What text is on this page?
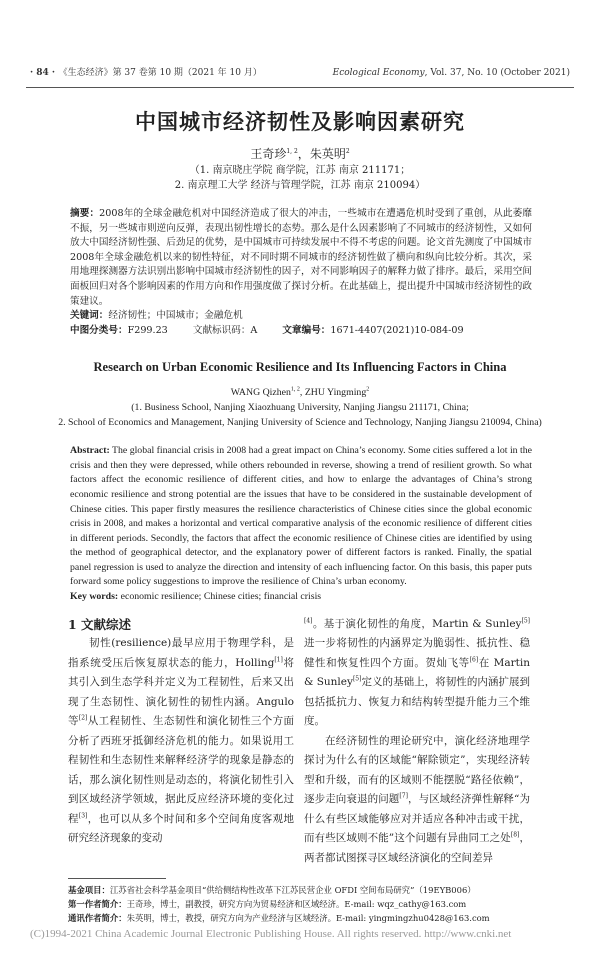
· 84 · 《生态经济》第 37 卷第 10 期（2021 年 10 月）	Ecological Economy, Vol. 37, No. 10 (October 2021)
中国城市经济韧性及影响因素研究
王奇珍$^{1, 2}$，朱英明$^2$
（1. 南京晓庄学院 商学院，江苏 南京 211171；
2. 南京理工大学 经济与管理学院，江苏 南京 210094）
摘要：2008年的全球金融危机对中国经济造成了很大的冲击，一些城市在遭遇危机时受到了重创，从此萎靡不振，另一些城市则逆向反弹，表现出韧性增长的态势。那么是什么因素影响了不同城市的经济韧性，又如何放大中国经济韧性强、后劲足的优势，是中国城市可持续发展中不得不考虑的问题。论文首先测度了中国城市2008年全球金融危机以来的韧性特征，对不同时期不同城市的经济韧性做了横向和纵向比较分析。其次，采用地理探测器方法识别出影响中国城市经济韧性的因子，对不同影响因子的解释力做了排序。最后，采用空间面板回归对各个影响因素的作用方向和作用强度做了探讨分析。在此基础上，提出提升中国城市经济韧性的政策建议。
关键词：经济韧性；中国城市；金融危机
中图分类号：F299.23	文献标识码：A	文章编号：1671-4407(2021)10-084-09
Research on Urban Economic Resilience and Its Influencing Factors in China
WANG Qizhen$^{1, 2}$, ZHU Yingming$^2$
(1. Business School, Nanjing Xiaozhuang University, Nanjing Jiangsu 211171, China;
2. School of Economics and Management, Nanjing University of Science and Technology, Nanjing Jiangsu 210094, China)
Abstract: The global financial crisis in 2008 had a great impact on China’s economy. Some cities suffered a lot in the crisis and then they were depressed, while others rebounded in reverse, showing a trend of resilient growth. So what factors affect the economic resilience of different cities, and how to enlarge the advantages of China’s strong economic resilience and strong potential are the issues that have to be considered in the sustainable development of Chinese cities. This paper firstly measures the resilience characteristics of Chinese cities since the global economic crisis in 2008, and makes a horizontal and vertical comparative analysis of the economic resilience of different cities in different periods. Secondly, the factors that affect the economic resilience of Chinese cities are identified by using the method of geographical detector, and the explanatory power of different factors is ranked. Finally, the spatial panel regression is used to analyze the direction and intensity of each influencing factor. On this basis, this paper puts forward some policy suggestions to improve the resilience of China’s urban economy.
Key words: economic resilience; Chinese cities; financial crisis
1 文献综述

韧性(resilience)最早应用于物理学科，是指系统受压后恢复原状态的能力，Holling[1]将其引入到生态学科并定义为工程韧性，后来又出现了生态韧性、演化韧性的韧性内涵。Angulo 等[2]从工程韧性、生态韧性和演化韧性三个方面分析了西班牙抵御经济危机的能力。如果说用工程韧性和生态韧性来解释经济学的现象是静态的话，那么演化韧性则是动态的，将演化韧性引入到区域经济学领域，据此反应经济环境的变化过程[3]，也可以从多个时间和多个空间角度客观地研究经济现象的变动

[4]。基于演化韧性的角度，Martin & Sunley[5]进一步将韧性的内涵界定为脆弱性、抵抗性、稳健性和恢复性四个方面。贺灿飞等[6]在 Martin & Sunley[5]定义的基础上，将韧性的内涵扩展到包括抵抗力、恢复力和结构转型提升能力三个维度。

在经济韧性的理论研究中，演化经济地理学探讨为什么有的区域能“解除锁定”，实现经济转型和升级，而有的区域则不能摆脱“路径依赖”，逐步走向衰退的问题[7]，与区域经济弹性解释“为什么有些区域能够应对并适应各种冲击或干扰，而有些区域则不能”这个问题有异曲同工之处[8]，两者都试图探寻区域经济演化的空间差异

基金项目：江苏省社会科学基金项目“供给侧结构性改革下江苏民营企业 OFDI 空间布局研究”（19EYB006）
第一作者简介：王奇珍，博士，副教授，研究方向为贸易经济和区域经济。E-mail: wqz_cathy@163.com
通讯作者简介：朱英明，博士，教授，研究方向为产业经济与区域经济。E-mail: yingmingzhu0428@163.com
(C)1994-2021 China Academic Journal Electronic Publishing House. All rights reserved. http://www.cnki.net
